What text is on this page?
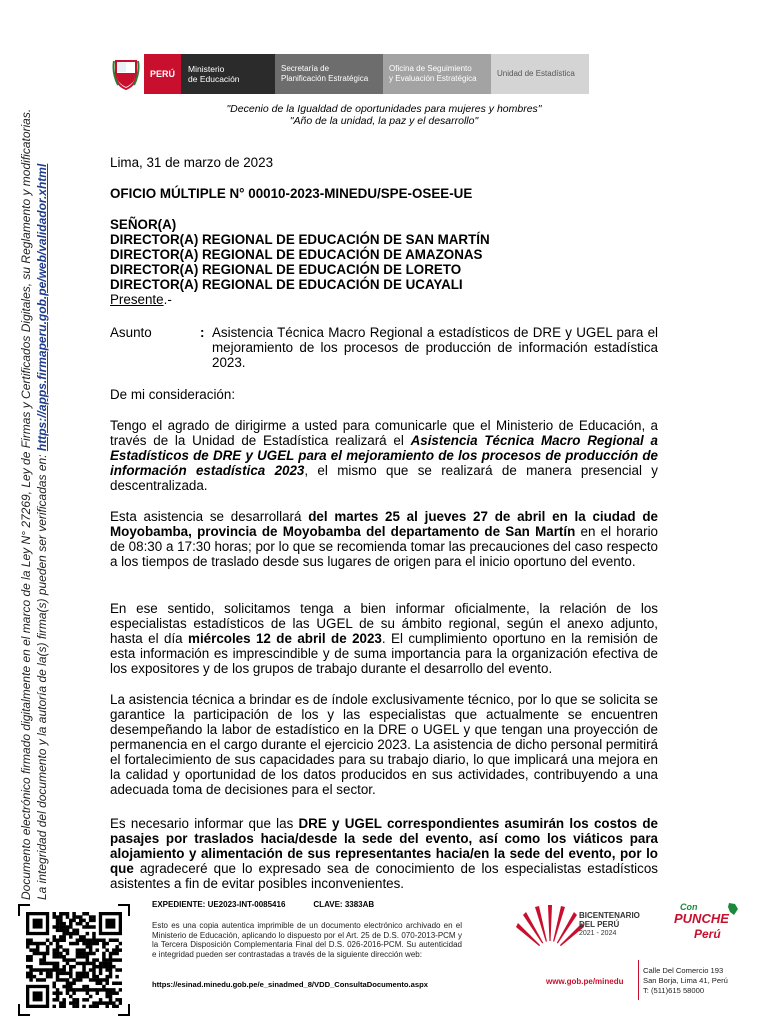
PERÚ	Ministerio
de Educación
Secretaría de
Planificación Estratégica
Oficina de Seguimiento
y Evaluación Estratégica
Unidad de Estadística
"Decenio de la Igualdad de oportunidades para mujeres y hombres"
"Año de la unidad, la paz y el desarrollo"
Documento electrónico firmado digitalmente en el marco de la Ley N° 27269, Ley de Firmas y Certificados Digitales, su Reglamento y modificatorias. La integridad del documento y la autoría de la(s) firma(s) pueden ser verificadas en: https://apps.firmaperu.gob.pe/web/validador.xhtml
Lima, 31 de marzo de 2023
OFICIO MÚLTIPLE N° 00010-2023-MINEDU/SPE-OSEE-UE
SEÑOR(A)
DIRECTOR(A) REGIONAL DE EDUCACIÓN DE SAN MARTÍN
DIRECTOR(A) REGIONAL DE EDUCACIÓN DE AMAZONAS
DIRECTOR(A) REGIONAL DE EDUCACIÓN DE LORETO
DIRECTOR(A) REGIONAL DE EDUCACIÓN DE UCAYALI
Presente.-
Asunto	: Asistencia Técnica Macro Regional a estadísticos de DRE y UGEL para el mejoramiento de los procesos de producción de información estadística 2023.
De mi consideración:
Tengo el agrado de dirigirme a usted para comunicarle que el Ministerio de Educación, a través de la Unidad de Estadística realizará el Asistencia Técnica Macro Regional a Estadísticos de DRE y UGEL para el mejoramiento de los procesos de producción de información estadística 2023, el mismo que se realizará de manera presencial y descentralizada.
Esta asistencia se desarrollará del martes 25 al jueves 27 de abril en la ciudad de Moyobamba, provincia de Moyobamba del departamento de San Martín en el horario de 08:30 a 17:30 horas; por lo que se recomienda tomar las precauciones del caso respecto a los tiempos de traslado desde sus lugares de origen para el inicio oportuno del evento.
En ese sentido, solicitamos tenga a bien informar oficialmente, la relación de los especialistas estadísticos de las UGEL de su ámbito regional, según el anexo adjunto, hasta el día miércoles 12 de abril de 2023. El cumplimiento oportuno en la remisión de esta información es imprescindible y de suma importancia para la organización efectiva de los expositores y de los grupos de trabajo durante el desarrollo del evento.
La asistencia técnica a brindar es de índole exclusivamente técnico, por lo que se solicita se garantice la participación de los y las especialistas que actualmente se encuentren desempeñando la labor de estadístico en la DRE o UGEL y que tengan una proyección de permanencia en el cargo durante el ejercicio 2023. La asistencia de dicho personal permitirá el fortalecimiento de sus capacidades para su trabajo diario, lo que implicará una mejora en la calidad y oportunidad de los datos producidos en sus actividades, contribuyendo a una adecuada toma de decisiones para el sector.
Es necesario informar que las DRE y UGEL correspondientes asumirán los costos de pasajes por traslados hacia/desde la sede del evento, así como los viáticos para alojamiento y alimentación de sus representantes hacia/en la sede del evento, por lo que agradeceré que lo expresado sea de conocimiento de los especialistas estadísticos asistentes a fin de evitar posibles inconvenientes.
EXPEDIENTE: UE2023-INT-0085416	CLAVE: 3383AB
Esto es una copia autentica imprimible de un documento electrónico archivado en el Ministerio de Educación, aplicando lo dispuesto por el Art. 25 de D.S. 070-2013-PCM y la Tercera Disposición Complementaria Final del D.S. 026-2016-PCM. Su autenticidad e integridad pueden ser contrastadas a través de la siguiente dirección web:
https://esinad.minedu.gob.pe/e_sinadmed_8/VDD_ConsultaDocumento.aspx
BICENTENARIO
DEL PERÚ
2021 - 2024
Con
PUNCHE
Perú
www.gob.pe/minedu
Calle Del Comercio 193
San Borja, Lima 41, Perú
T: (511)615 58000
